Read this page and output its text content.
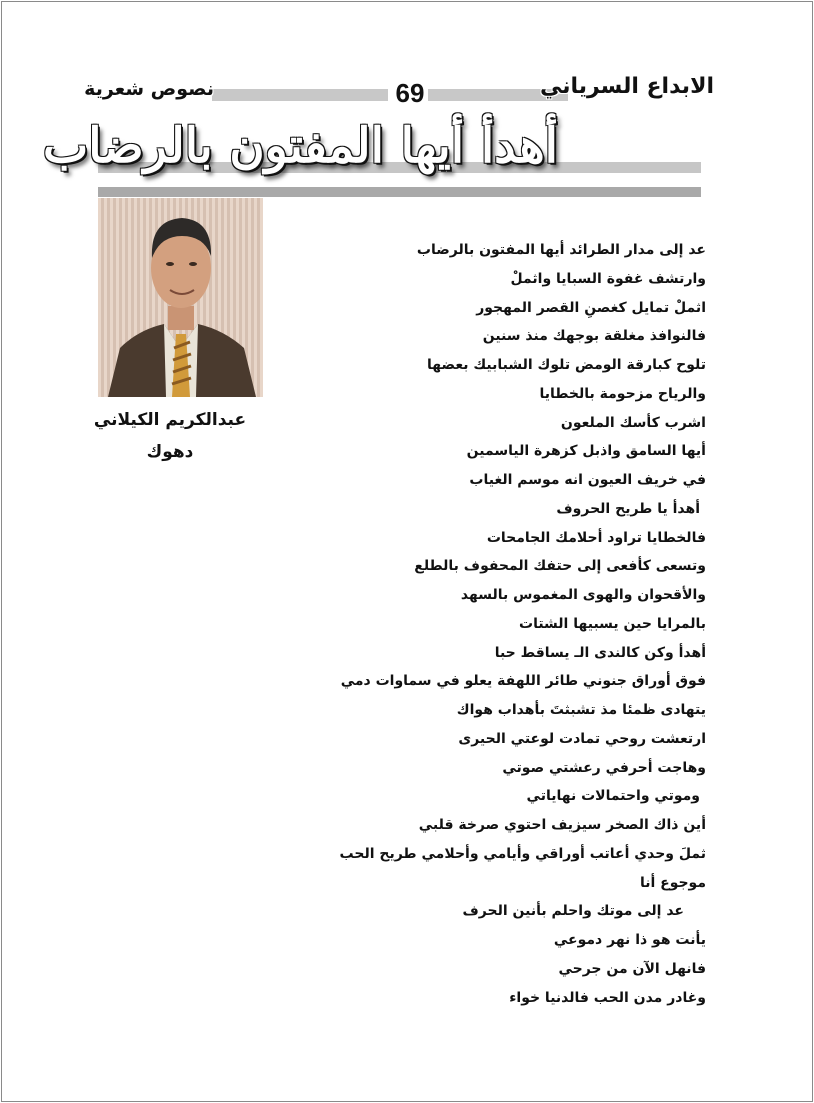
الابداع السرياني
69
نصوص شعرية
أهدأ أيها المفتون بالرضاب
عبدالكريم الكيلاني
دهوك
عد إلى مدار الطرائد أيها المفتون بالرضاب
وارتشف غفوة السبايا واثملْ
اثملْ تمايل كغصنِ القصر المهجور
فالنوافذ مغلقة بوجهك منذ سنين
تلوح كبارقة الومض تلوك الشبابيك بعضها
والرياح مزحومة بالخطايا
اشرب كأسك الملعون
أيها السامق واذبل كزهرة الياسمين
في خريف العيون انه موسم الغياب
أهدأ يا طريح الحروف
فالخطايا تراود أحلامك الجامحات
وتسعى كأفعى إلى حتفك المحفوف بالطلع
والأقحوان والهوى المغموس بالسهد
بالمرايا حين يسبيها الشتات
أهدأ وكن كالندى الـ يساقط حبا
فوق أوراق جنوني طائر اللهفة يعلو في سماوات دمي
يتهادى ظمئا مذ تشبثتَ بأهداب هواك
ارتعشت روحي تمادت لوعتي الحيرى
وهاجت أحرفي رعشتي صوتي
وموتي واحتمالات نهاياتي
أين ذاك الصخر سيزيف احتوي صرخة قلبي
ثملَ وحدي أعاتب أوراقي وأيامي وأحلامي طريح الحب
موجوع أنا
عد إلى موتك واحلم بأنين الحرف
يأنت هو ذا نهر دموعي
فانهل الآن من جرحي
وغادر مدن الحب فالدنيا خواء
